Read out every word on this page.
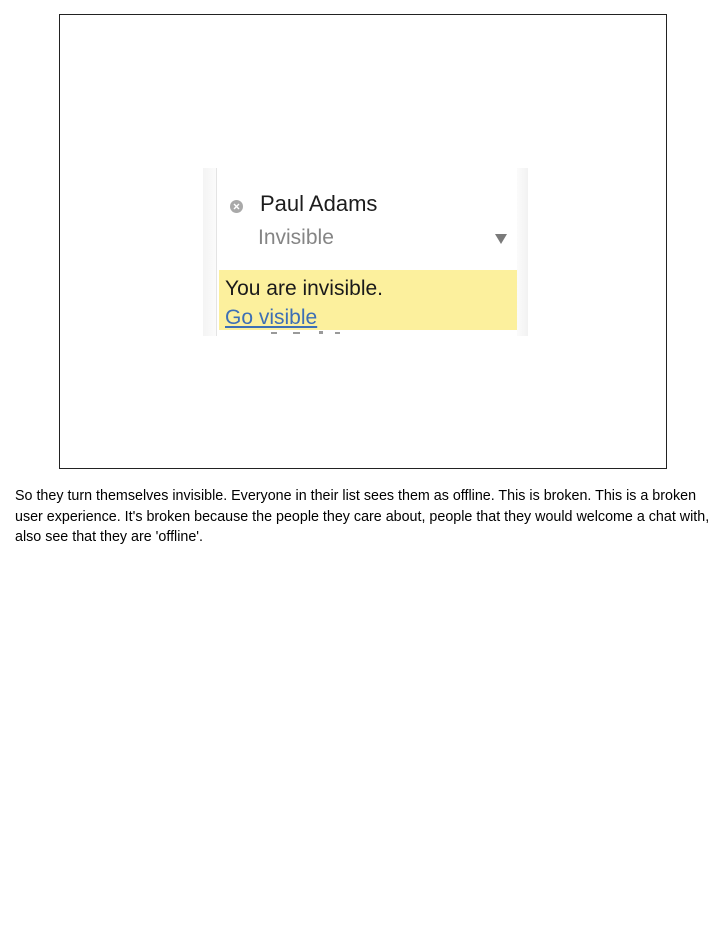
Paul Adams
Invisible
You are invisible.
Go visible
So they turn themselves invisible. Everyone in their list sees them as offline. This is broken. This is a broken user experience. It's broken because the people they care about, people that they would welcome a chat with, also see that they are 'offline'.
